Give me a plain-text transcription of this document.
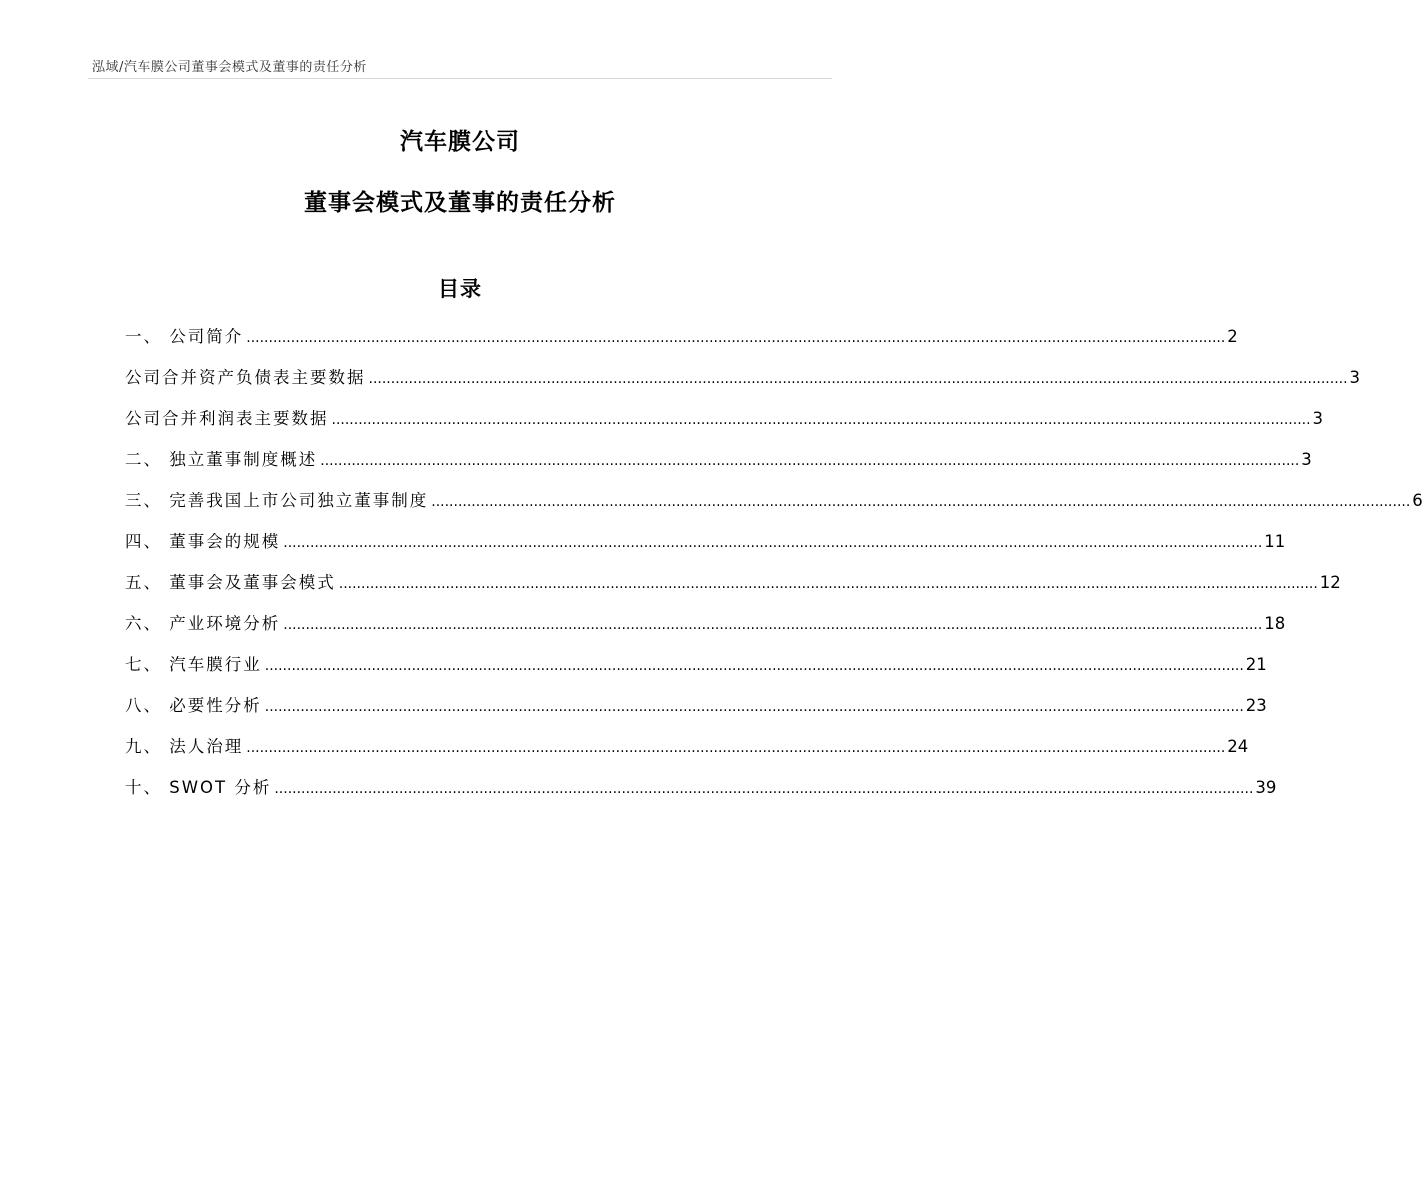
泓域/汽车膜公司董事会模式及董事的责任分析
汽车膜公司
董事会模式及董事的责任分析
目录
一、 公司简介 ............................................................................................................................................................................................................................ 2
公司合并资产负债表主要数据 ............................................................................................................................................................................................................................ 3
公司合并利润表主要数据 ............................................................................................................................................................................................................................ 3
二、 独立董事制度概述 ............................................................................................................................................................................................................................ 3
三、 完善我国上市公司独立董事制度 ............................................................................................................................................................................................................................ 6
四、 董事会的规模 ............................................................................................................................................................................................................................ 11
五、 董事会及董事会模式 ............................................................................................................................................................................................................................ 12
六、 产业环境分析 ............................................................................................................................................................................................................................ 18
七、 汽车膜行业 ............................................................................................................................................................................................................................ 21
八、 必要性分析 ............................................................................................................................................................................................................................ 23
九、 法人治理 ............................................................................................................................................................................................................................ 24
十、 SWOT 分析 ............................................................................................................................................................................................................................ 39
